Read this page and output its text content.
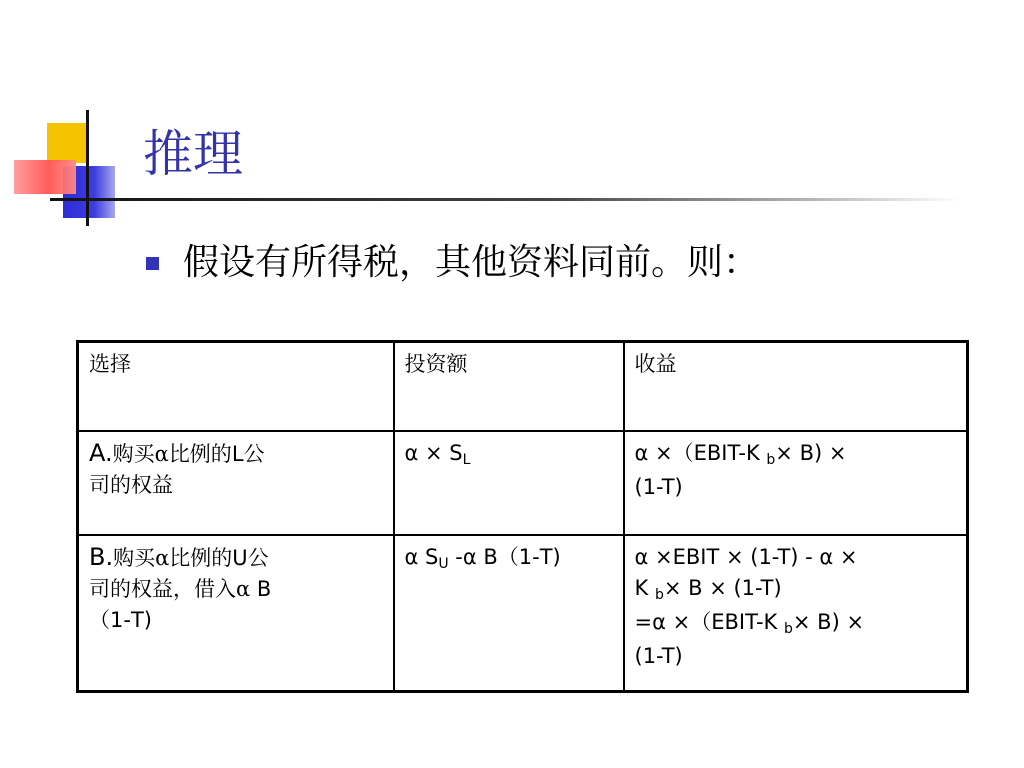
推理
假设有所得税，其他资料同前。则：
选择	投资额	收益
A.购买α比例的L公
司的权益	α × SL	α ×（EBIT-K b× B) ×
(1-T)
B.购买α比例的U公
司的权益，借入α B
（1-T)	α SU -α B（1-T)	α ×EBIT × (1-T) - α ×
K b× B × (1-T)
=α ×（EBIT-K b× B) ×
(1-T)
